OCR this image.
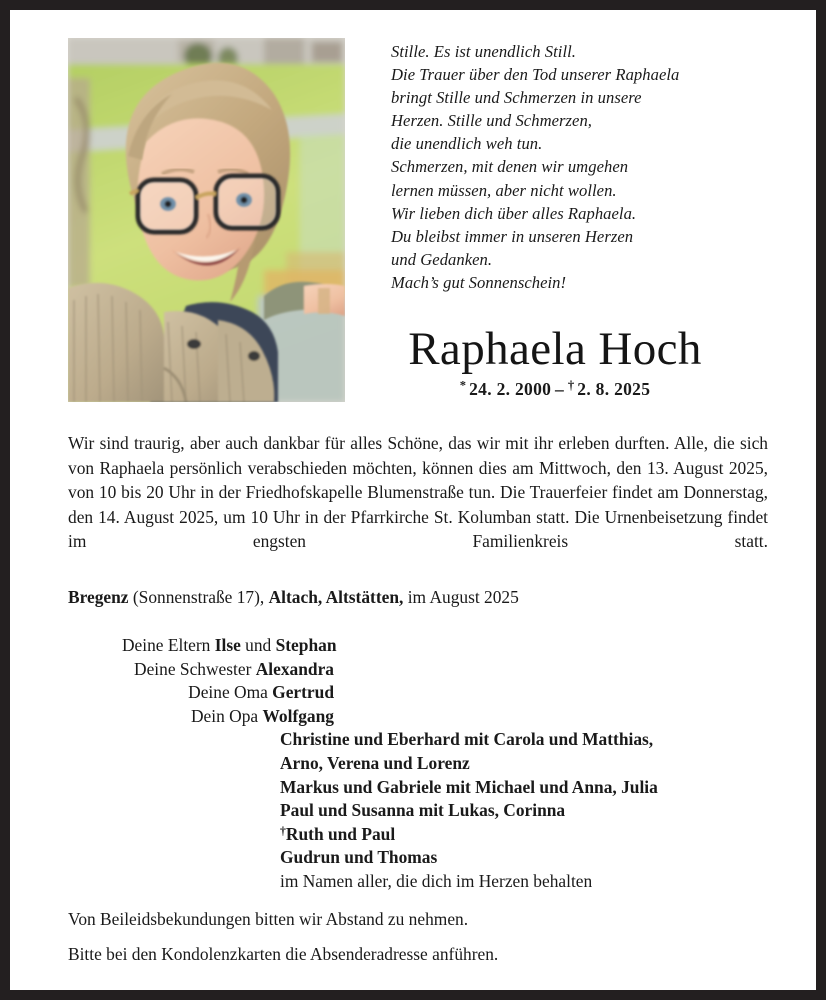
Stille. Es ist unendlich Still.
Die Trauer über den Tod unserer Raphaela
bringt Stille und Schmerzen in unsere
Herzen. Stille und Schmerzen,
die unendlich weh tun.
Schmerzen, mit denen wir umgehen
lernen müssen, aber nicht wollen.
Wir lieben dich über alles Raphaela.
Du bleibst immer in unseren Herzen
und Gedanken.
Mach’s gut Sonnenschein!
Raphaela Hoch
* 24. 2. 2000 – † 2. 8. 2025
Wir sind traurig, aber auch dankbar für alles Schöne, das wir mit ihr erleben durften. Alle, die sich von Raphaela persönlich verabschieden möchten, können dies am Mittwoch, den 13. August 2025, von 10 bis 20 Uhr in der Friedhofskapelle Blumenstraße tun. Die Trauerfeier findet am Donnerstag, den 14. August 2025, um 10 Uhr in der Pfarrkirche St. Kolumban statt. Die Urnenbeisetzung findet im engsten Familienkreis statt.
Bregenz (Sonnenstraße 17), Altach, Altstätten, im August 2025
Deine Eltern Ilse und Stephan
Deine Schwester Alexandra
Deine Oma Gertrud
Dein Opa Wolfgang
Christine und Eberhard mit Carola und Matthias,
Arno, Verena und Lorenz
Markus und Gabriele mit Michael und Anna, Julia
Paul und Susanna mit Lukas, Corinna
†Ruth und Paul
Gudrun und Thomas
im Namen aller, die dich im Herzen behalten
Von Beileidsbekundungen bitten wir Abstand zu nehmen.
Bitte bei den Kondolenzkarten die Absenderadresse anführen.
